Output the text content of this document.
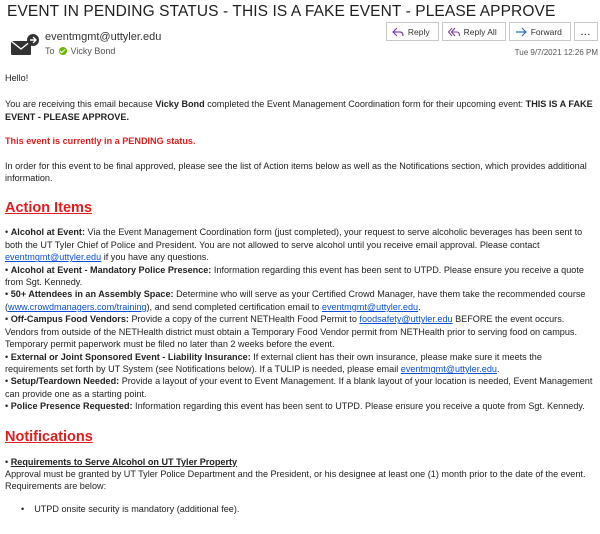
EVENT IN PENDING STATUS - THIS IS A FAKE EVENT - PLEASE APPROVE
eventmgmt@uttyler.edu
To Vicky Bond
Reply	Reply All	Forward	...
Tue 9/7/2021 12:26 PM

Hello!

You are receiving this email because Vicky Bond completed the Event Management Coordination form for their upcoming event: THIS IS A FAKE EVENT - PLEASE APPROVE.

This event is currently in a PENDING status.

In order for this event to be final approved, please see the list of Action items below as well as the Notifications section, which provides additional information.

Action Items

• Alcohol at Event: Via the Event Management Coordination form (just completed), your request to serve alcoholic beverages has been sent to both the UT Tyler Chief of Police and President. You are not allowed to serve alcohol until you receive email approval. Please contact eventmgmt@uttyler.edu if you have any questions.

• Alcohol at Event - Mandatory Police Presence: Information regarding this event has been sent to UTPD. Please ensure you receive a quote from Sgt. Kennedy.

• 50+ Attendees in an Assembly Space: Determine who will serve as your Certified Crowd Manager, have them take the recommended course (www.crowdmanagers.com/training), and send completed certification email to eventmgmt@uttyler.edu.

• Off-Campus Food Vendors: Provide a copy of the current NETHealth Food Permit to foodsafety@uttyler.edu BEFORE the event occurs. Vendors from outside of the NETHealth district must obtain a Temporary Food Vendor permit from NETHealth prior to serving food on campus. Temporary permit paperwork must be filed no later than 2 weeks before the event.

• External or Joint Sponsored Event - Liability Insurance: If external client has their own insurance, please make sure it meets the requirements set forth by UT System (see Notifications below). If a TULIP is needed, please email eventmgmt@uttyler.edu.

• Setup/Teardown Needed: Provide a layout of your event to Event Management. If a blank layout of your location is needed, Event Management can provide one as a starting point.

• Police Presence Requested: Information regarding this event has been sent to UTPD. Please ensure you receive a quote from Sgt. Kennedy.

Notifications

• Requirements to Serve Alcohol on UT Tyler Property

Approval must be granted by UT Tyler Police Department and the President, or his designee at least one (1) month prior to the date of the event. Requirements are below:

• UTPD onsite security is mandatory (additional fee).
